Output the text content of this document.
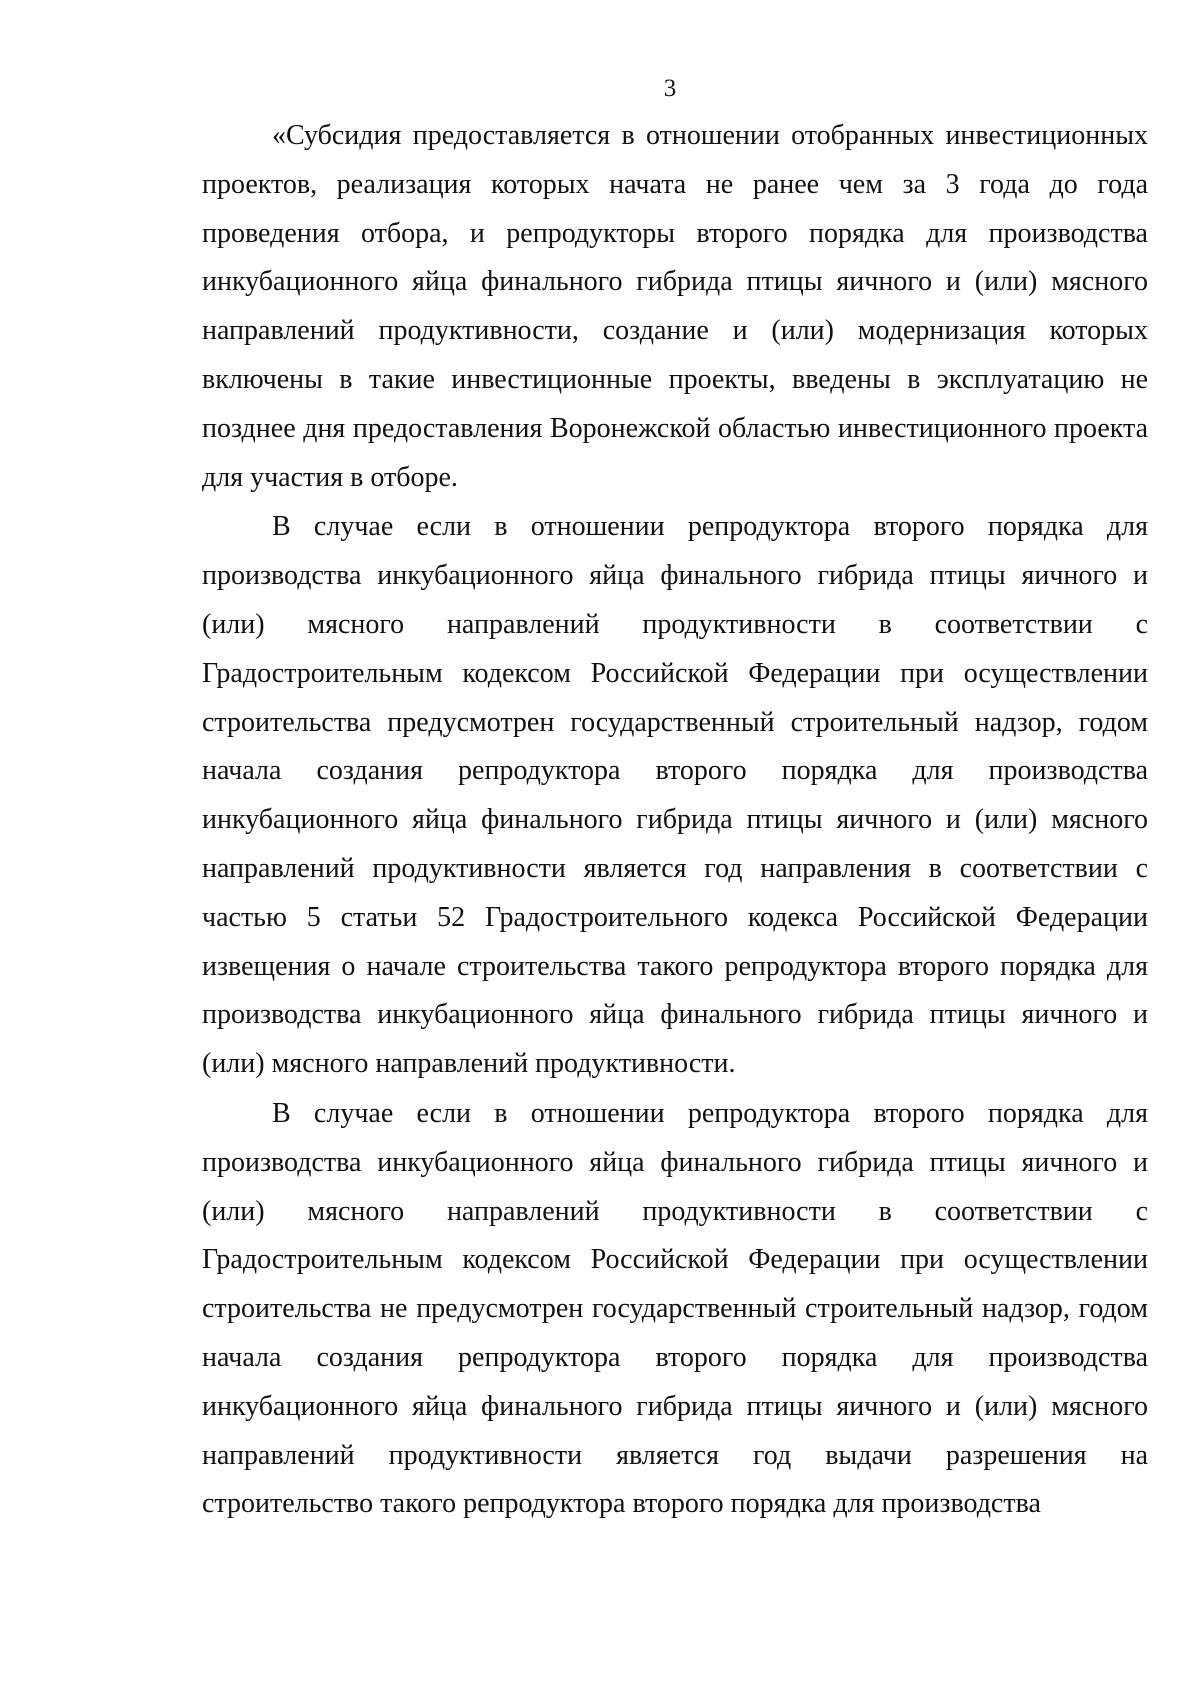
3

«Субсидия предоставляется в отношении отобранных инвестиционных проектов, реализация которых начата не ранее чем за 3 года до года проведения отбора, и репродукторы второго порядка для производства инкубационного яйца финального гибрида птицы яичного и (или) мясного направлений продуктивности, создание и (или) модернизация которых включены в такие инвестиционные проекты, введены в эксплуатацию не позднее дня предоставления Воронежской областью инвестиционного проекта для участия в отборе.

В случае если в отношении репродуктора второго порядка для производства инкубационного яйца финального гибрида птицы яичного и (или) мясного направлений продуктивности в соответствии с Градостроительным кодексом Российской Федерации при осуществлении строительства предусмотрен государственный строительный надзор, годом начала создания репродуктора второго порядка для производства инкубационного яйца финального гибрида птицы яичного и (или) мясного направлений продуктивности является год направления в соответствии с частью 5 статьи 52 Градостроительного кодекса Российской Федерации извещения о начале строительства такого репродуктора второго порядка для производства инкубационного яйца финального гибрида птицы яичного и (или) мясного направлений продуктивности.

В случае если в отношении репродуктора второго порядка для производства инкубационного яйца финального гибрида птицы яичного и (или) мясного направлений продуктивности в соответствии с Градостроительным кодексом Российской Федерации при осуществлении строительства не предусмотрен государственный строительный надзор, годом начала создания репродуктора второго порядка для производства инкубационного яйца финального гибрида птицы яичного и (или) мясного направлений продуктивности является год выдачи разрешения на строительство такого репродуктора второго порядка для производства
